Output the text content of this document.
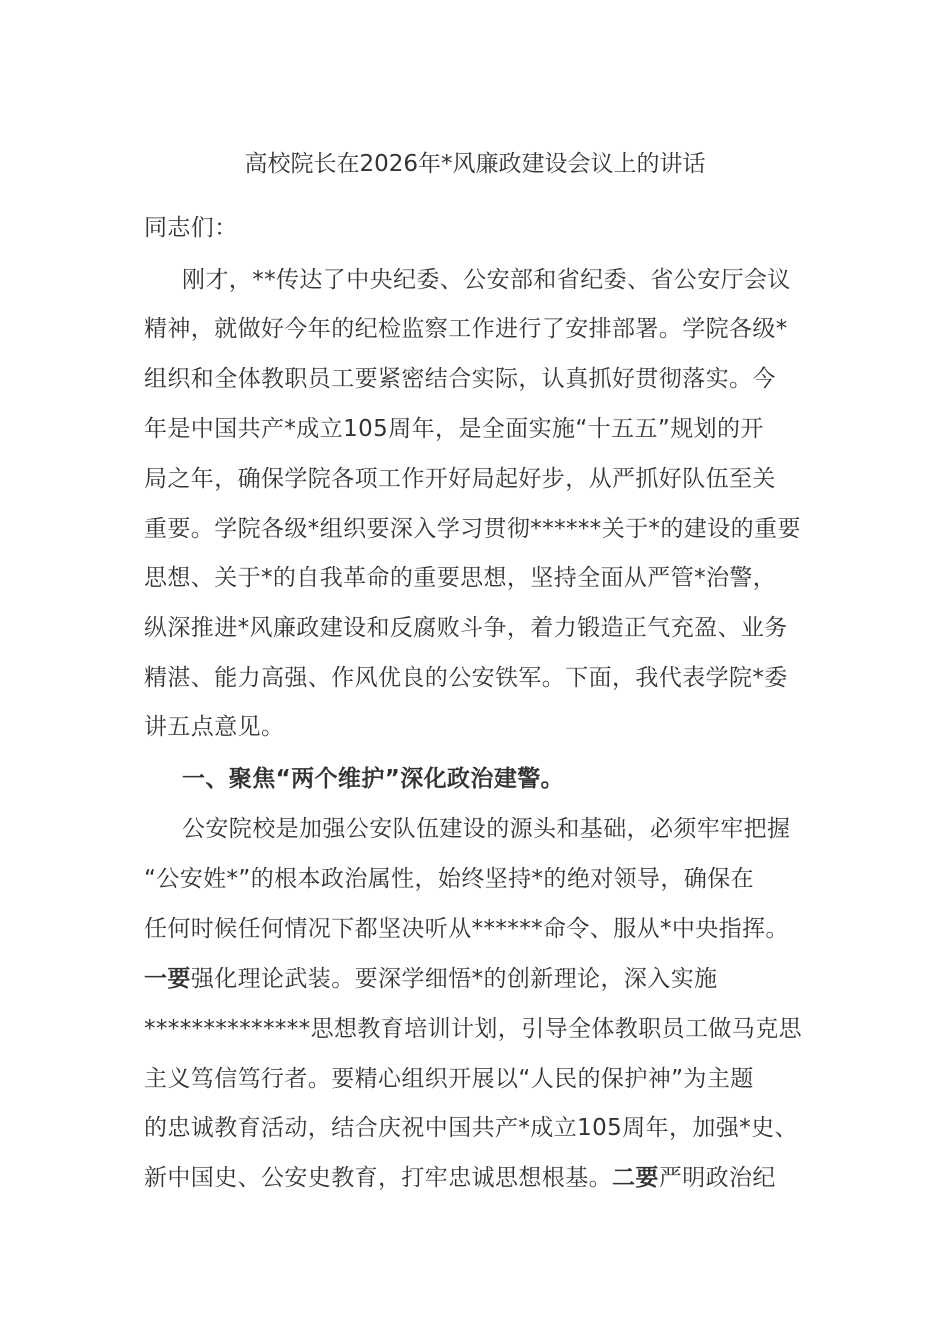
高校院长在2026年*风廉政建设会议上的讲话
同志们：
刚才，**传达了中央纪委、公安部和省纪委、省公安厅会议
精神，就做好今年的纪检监察工作进行了安排部署。学院各级*
组织和全体教职员工要紧密结合实际，认真抓好贯彻落实。今
年是中国共产*成立105周年，是全面实施“十五五”规划的开
局之年，确保学院各项工作开好局起好步，从严抓好队伍至关
重要。学院各级*组织要深入学习贯彻******关于*的建设的重要
思想、关于*的自我革命的重要思想，坚持全面从严管*治警，
纵深推进*风廉政建设和反腐败斗争，着力锻造正气充盈、业务
精湛、能力高强、作风优良的公安铁军。下面，我代表学院*委
讲五点意见。
一、聚焦“两个维护”深化政治建警。
公安院校是加强公安队伍建设的源头和基础，必须牢牢把握
“公安姓*”的根本政治属性，始终坚持*的绝对领导，确保在
任何时候任何情况下都坚决听从******命令、服从*中央指挥。
一要强化理论武装。要深学细悟*的创新理论，深入实施
**************思想教育培训计划，引导全体教职员工做马克思
主义笃信笃行者。要精心组织开展以“人民的保护神”为主题
的忠诚教育活动，结合庆祝中国共产*成立105周年，加强*史、
新中国史、公安史教育，打牢忠诚思想根基。二要严明政治纪
